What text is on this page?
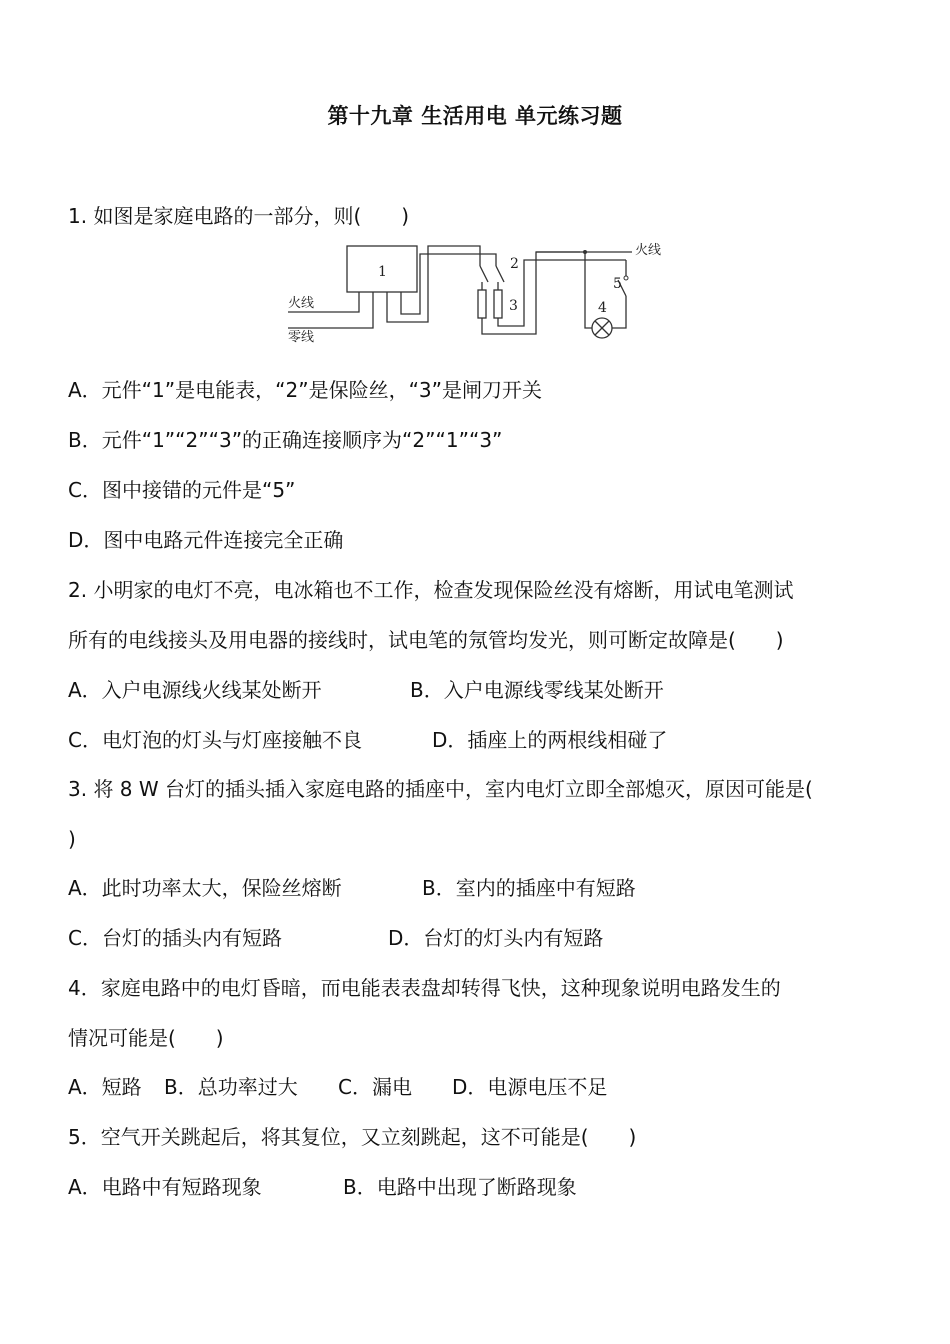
第十九章 生活用电 单元练习题
1. 如图是家庭电路的一部分，则(　　)
火线
零线
火线
1	2
3	4
5
A．元件“1”是电能表，“2”是保险丝，“3”是闸刀开关
B．元件“1”“2”“3”的正确连接顺序为“2”“1”“3”
C．图中接错的元件是“5”
D．图中电路元件连接完全正确
2. 小明家的电灯不亮，电冰箱也不工作，检查发现保险丝没有熔断，用试电笔测试
所有的电线接头及用电器的接线时，试电笔的氖管均发光，则可断定故障是(　　)
A．入户电源线火线某处断开	B．入户电源线零线某处断开
C．电灯泡的灯头与灯座接触不良	D．插座上的两根线相碰了
3. 将 8 W 台灯的插头插入家庭电路的插座中，室内电灯立即全部熄灭，原因可能是(
)
A．此时功率太大，保险丝熔断	B．室内的插座中有短路
C．台灯的插头内有短路	D．台灯的灯头内有短路
4．家庭电路中的电灯昏暗，而电能表表盘却转得飞快，这种现象说明电路发生的
情况可能是(　　)
A．短路 B．总功率过大 C．漏电 D．电源电压不足
5．空气开关跳起后，将其复位，又立刻跳起，这不可能是(　　)
A．电路中有短路现象	B．电路中出现了断路现象
